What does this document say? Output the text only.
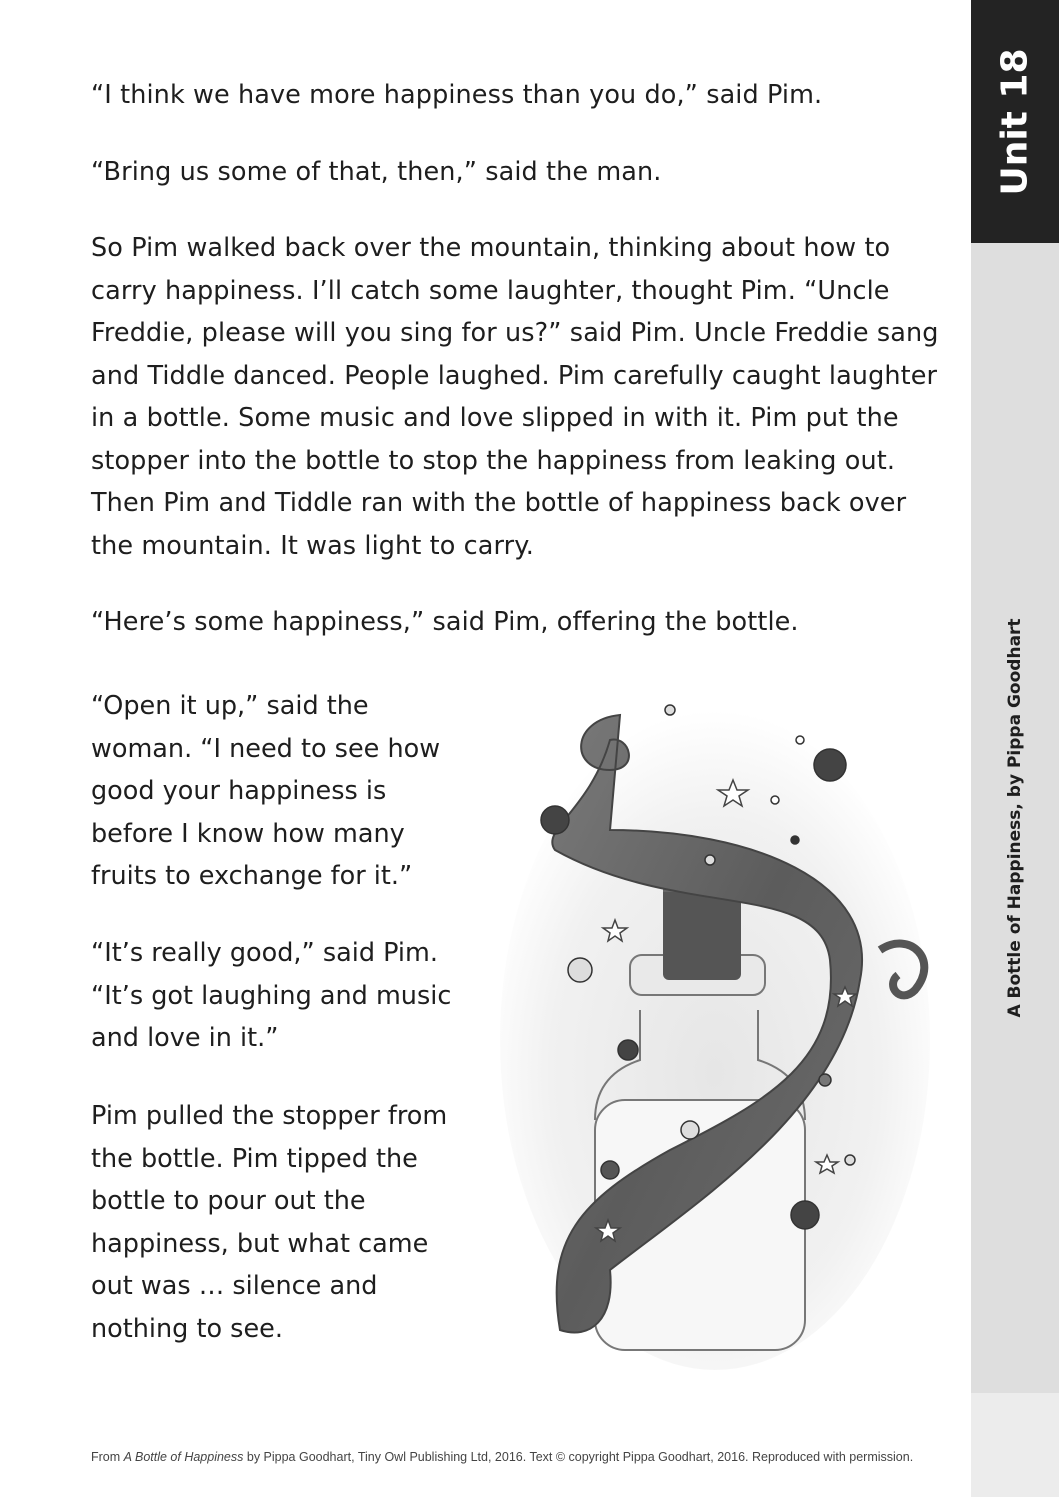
Unit 18
A Bottle of Happiness, by Pippa Goodhart

“I think we have more happiness than you do,” said Pim.

“Bring us some of that, then,” said the man.

So Pim walked back over the mountain, thinking about how to carry happiness. I’ll catch some laughter, thought Pim. “Uncle Freddie, please will you sing for us?” said Pim. Uncle Freddie sang and Tiddle danced. People laughed. Pim carefully caught laughter in a bottle. Some music and love slipped in with it. Pim put the stopper into the bottle to stop the happiness from leaking out. Then Pim and Tiddle ran with the bottle of happiness back over the mountain. It was light to carry.

“Here’s some happiness,” said Pim, offering the bottle.

“Open it up,” said the woman. “I need to see how good your happiness is before I know how many fruits to exchange for it.”

“It’s really good,” said Pim. “It’s got laughing and music and love in it.”

Pim pulled the stopper from the bottle. Pim tipped the bottle to pour out the happiness, but what came out was … silence and nothing to see.

From A Bottle of Happiness by Pippa Goodhart, Tiny Owl Publishing Ltd, 2016. Text © copyright Pippa Goodhart, 2016. Reproduced with permission.
